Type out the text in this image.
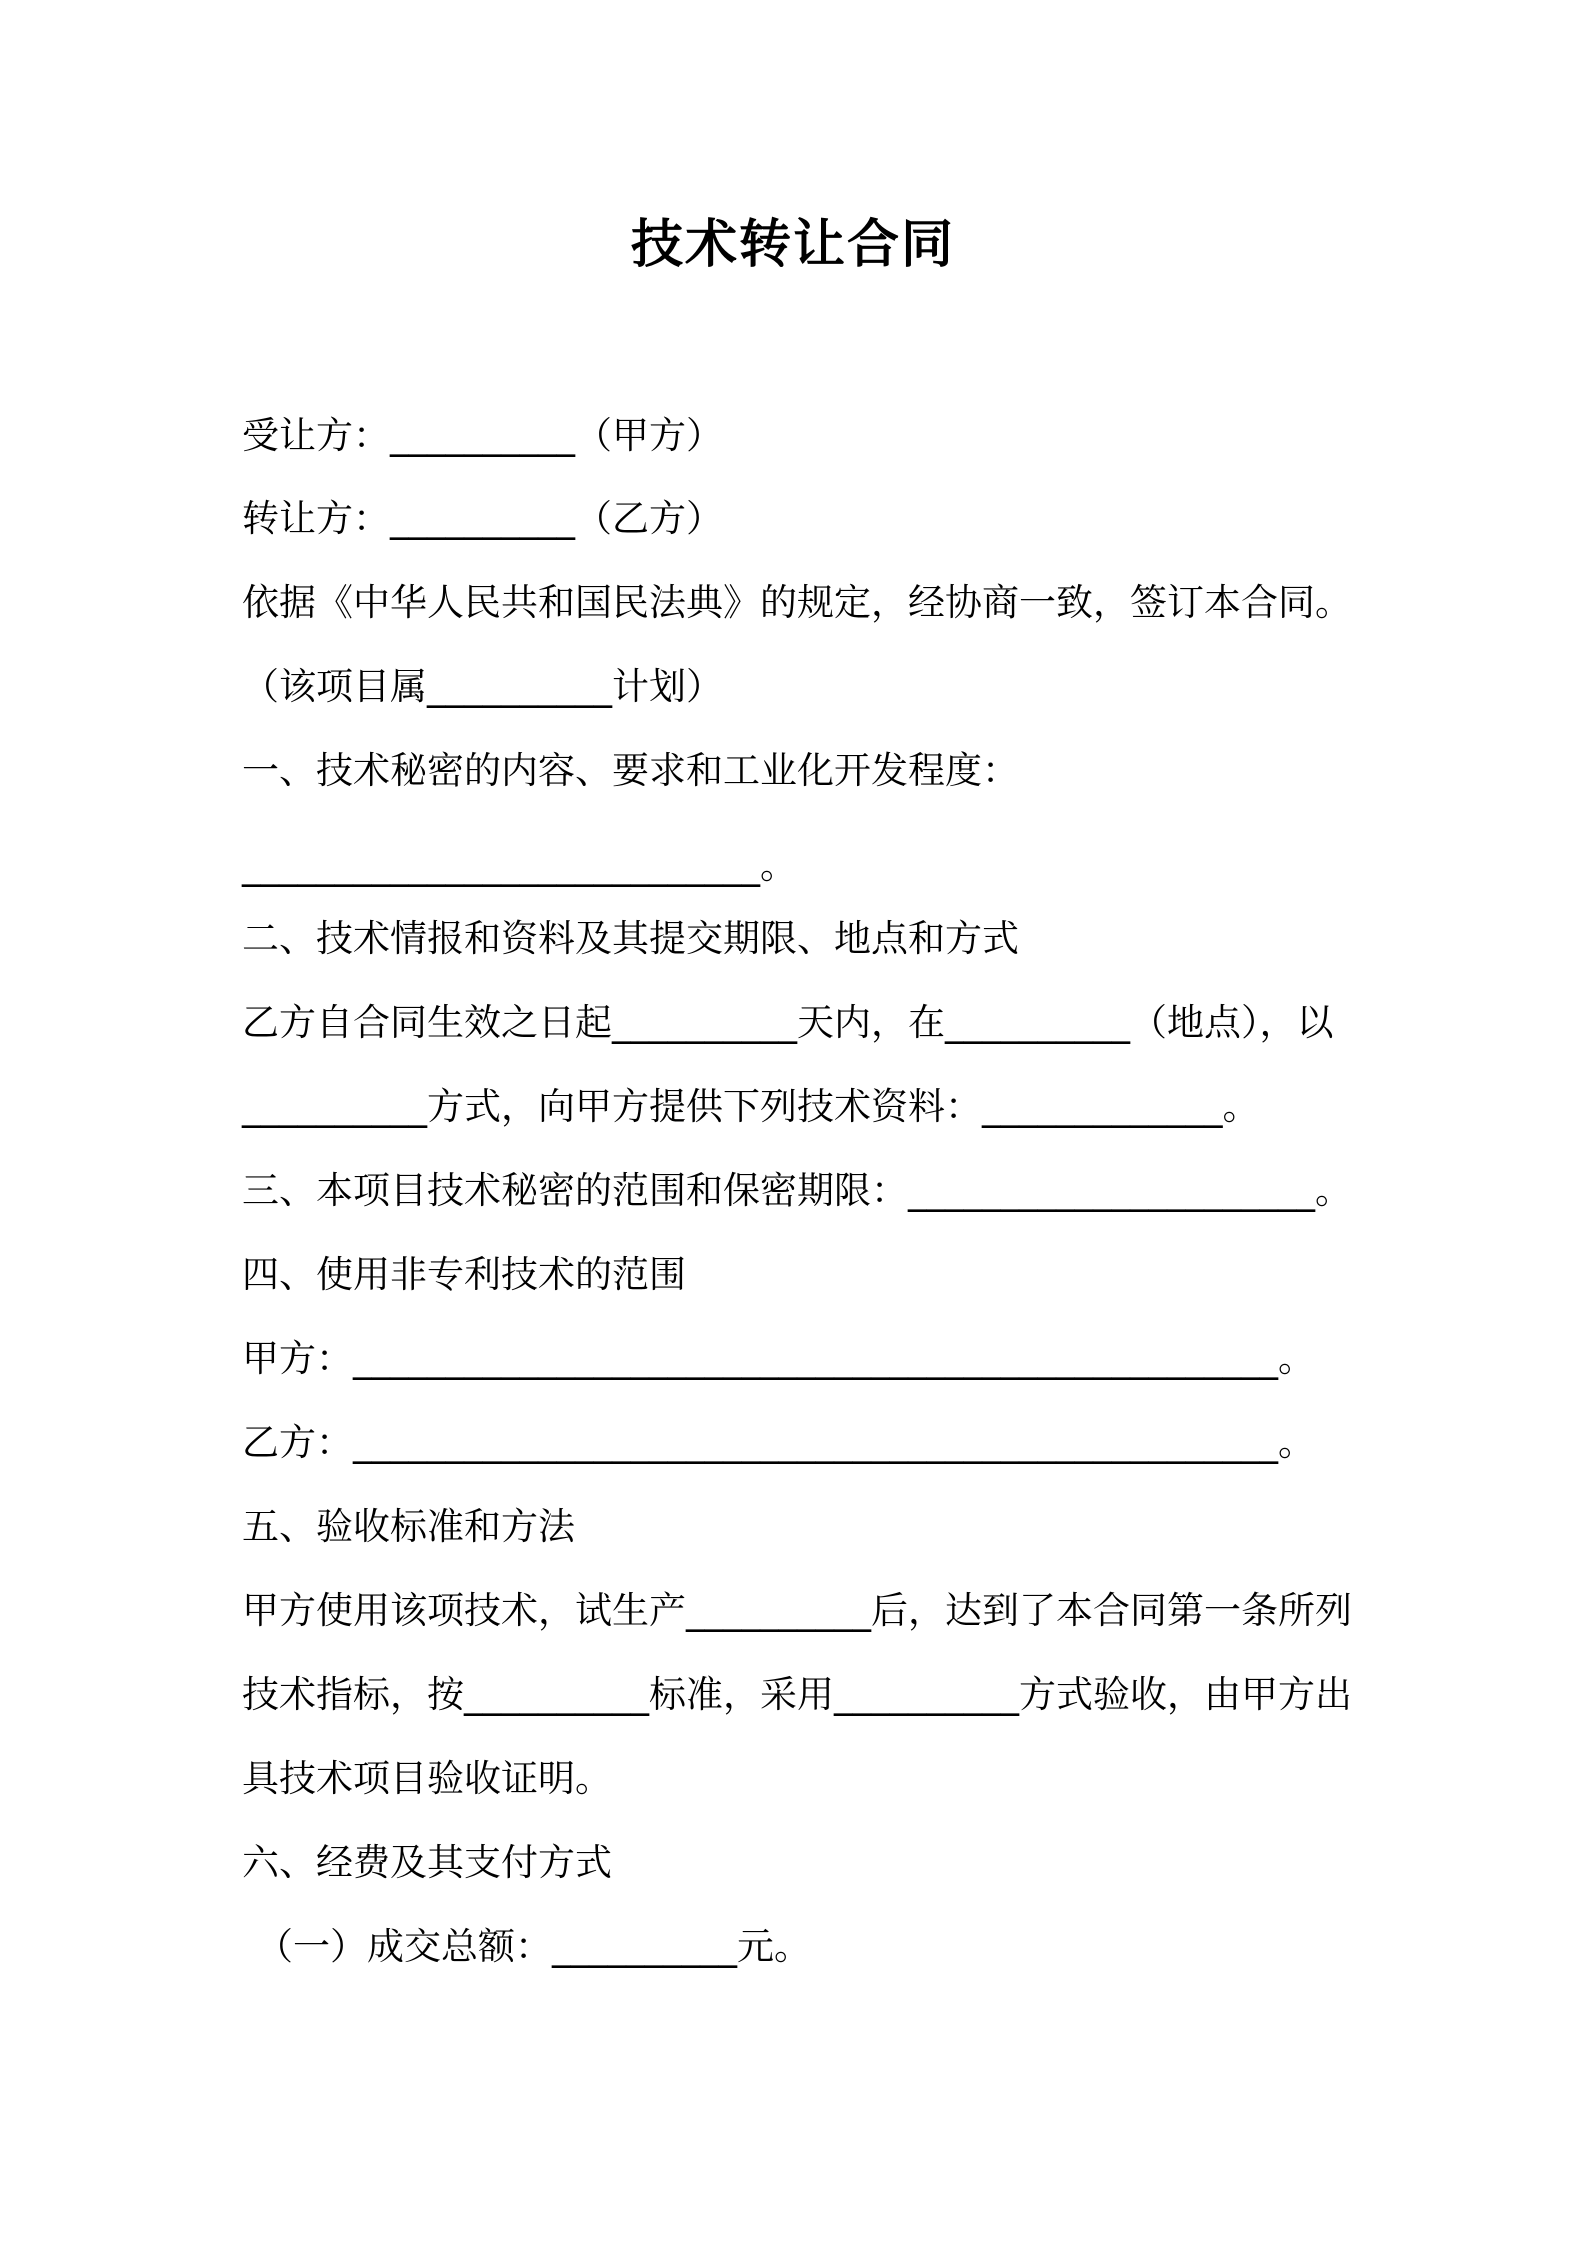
技术转让合同
受让方：__________（甲方）
转让方：__________（乙方）
依据《中华人民共和国民法典》的规定，经协商一致，签订本合同。
（该项目属__________计划）
一、技术秘密的内容、要求和工业化开发程度：
____________________________。
二、技术情报和资料及其提交期限、地点和方式
乙方自合同生效之日起__________天内，在__________（地点），以
__________方式，向甲方提供下列技术资料：_____________。
三、本项目技术秘密的范围和保密期限：______________________。
四、使用非专利技术的范围
甲方：__________________________________________________。
乙方：__________________________________________________。
五、验收标准和方法
甲方使用该项技术，试生产__________后，达到了本合同第一条所列
技术指标，按__________标准，采用__________方式验收，由甲方出
具技术项目验收证明。
六、经费及其支付方式
（一）成交总额：__________元。
